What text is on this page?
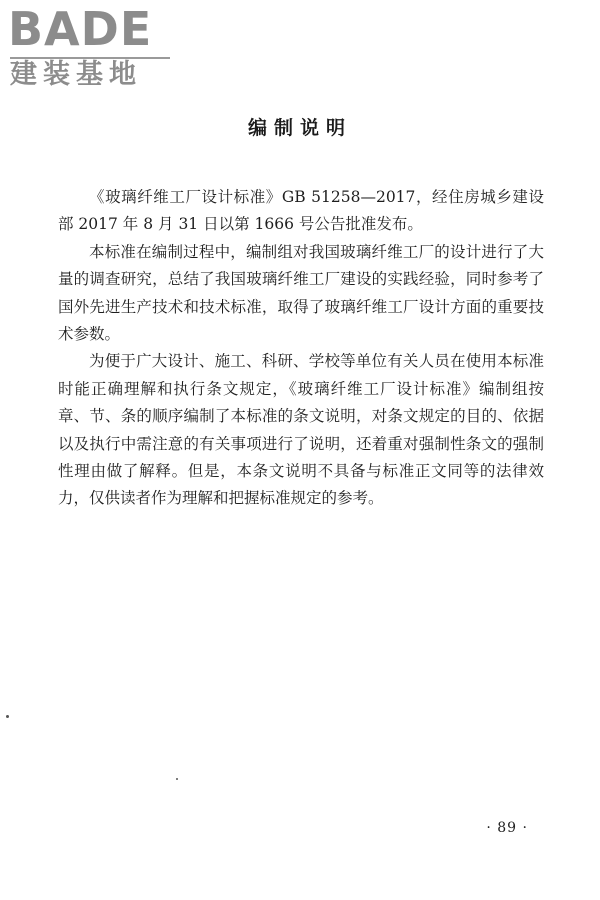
BADE
建装基地
编制说明

《玻璃纤维工厂设计标准》GB 51258—2017，经住房城乡建设部 2017 年 8 月 31 日以第 1666 号公告批准发布。

本标准在编制过程中，编制组对我国玻璃纤维工厂的设计进行了大量的调查研究，总结了我国玻璃纤维工厂建设的实践经验，同时参考了国外先进生产技术和技术标准，取得了玻璃纤维工厂设计方面的重要技术参数。

为便于广大设计、施工、科研、学校等单位有关人员在使用本标准时能正确理解和执行条文规定，《玻璃纤维工厂设计标准》编制组按章、节、条的顺序编制了本标准的条文说明，对条文规定的目的、依据以及执行中需注意的有关事项进行了说明，还着重对强制性条文的强制性理由做了解释。但是，本条文说明不具备与标准正文同等的法律效力，仅供读者作为理解和把握标准规定的参考。

· 89 ·
